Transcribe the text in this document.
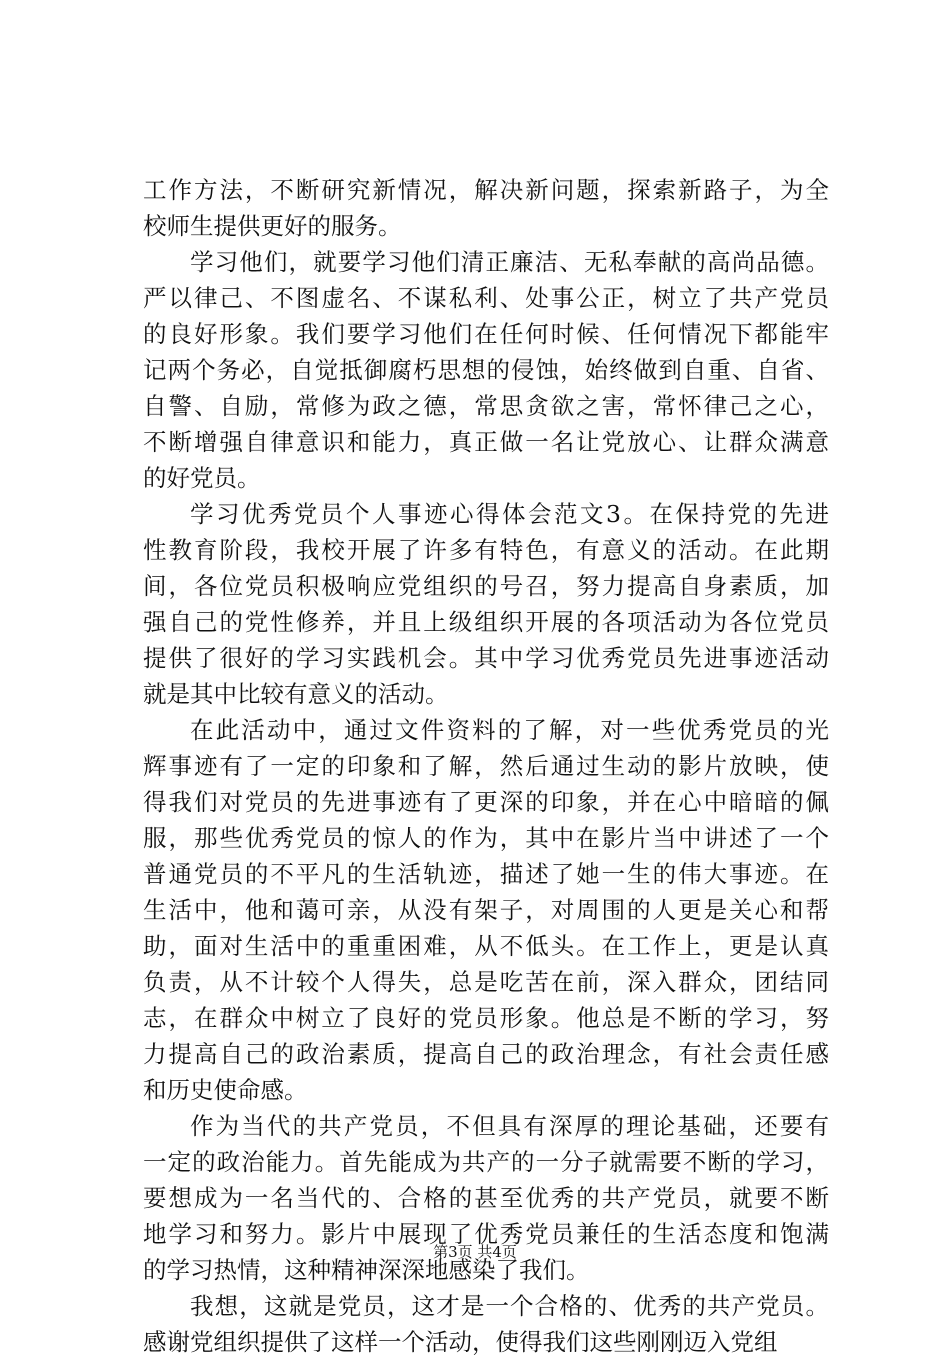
工作方法，不断研究新情况，解决新问题，探索新路子，为全
校师生提供更好的服务。
学习他们，就要学习他们清正廉洁、无私奉献的高尚品德。
严以律己、不图虚名、不谋私利、处事公正，树立了共产党员
的良好形象。我们要学习他们在任何时候、任何情况下都能牢
记两个务必，自觉抵御腐朽思想的侵蚀，始终做到自重、自省、
自警、自励，常修为政之德，常思贪欲之害，常怀律己之心，
不断增强自律意识和能力，真正做一名让党放心、让群众满意
的好党员。
学习优秀党员个人事迹心得体会范文3。在保持党的先进
性教育阶段，我校开展了许多有特色，有意义的活动。在此期
间，各位党员积极响应党组织的号召，努力提高自身素质，加
强自己的党性修养，并且上级组织开展的各项活动为各位党员
提供了很好的学习实践机会。其中学习优秀党员先进事迹活动
就是其中比较有意义的活动。
在此活动中，通过文件资料的了解，对一些优秀党员的光
辉事迹有了一定的印象和了解，然后通过生动的影片放映，使
得我们对党员的先进事迹有了更深的印象，并在心中暗暗的佩
服，那些优秀党员的惊人的作为，其中在影片当中讲述了一个
普通党员的不平凡的生活轨迹，描述了她一生的伟大事迹。在
生活中，他和蔼可亲，从没有架子，对周围的人更是关心和帮
助，面对生活中的重重困难，从不低头。在工作上，更是认真
负责，从不计较个人得失，总是吃苦在前，深入群众，团结同
志，在群众中树立了良好的党员形象。他总是不断的学习，努
力提高自己的政治素质，提高自己的政治理念，有社会责任感
和历史使命感。
作为当代的共产党员，不但具有深厚的理论基础，还要有
一定的政治能力。首先能成为共产的一分子就需要不断的学习，
要想成为一名当代的、合格的甚至优秀的共产党员，就要不断
地学习和努力。影片中展现了优秀党员兼任的生活态度和饱满
的学习热情，这种精神深深地感染了我们。
我想，这就是党员，这才是一个合格的、优秀的共产党员。
感谢党组织提供了这样一个活动，使得我们这些刚刚迈入党组
第3页 共4页
